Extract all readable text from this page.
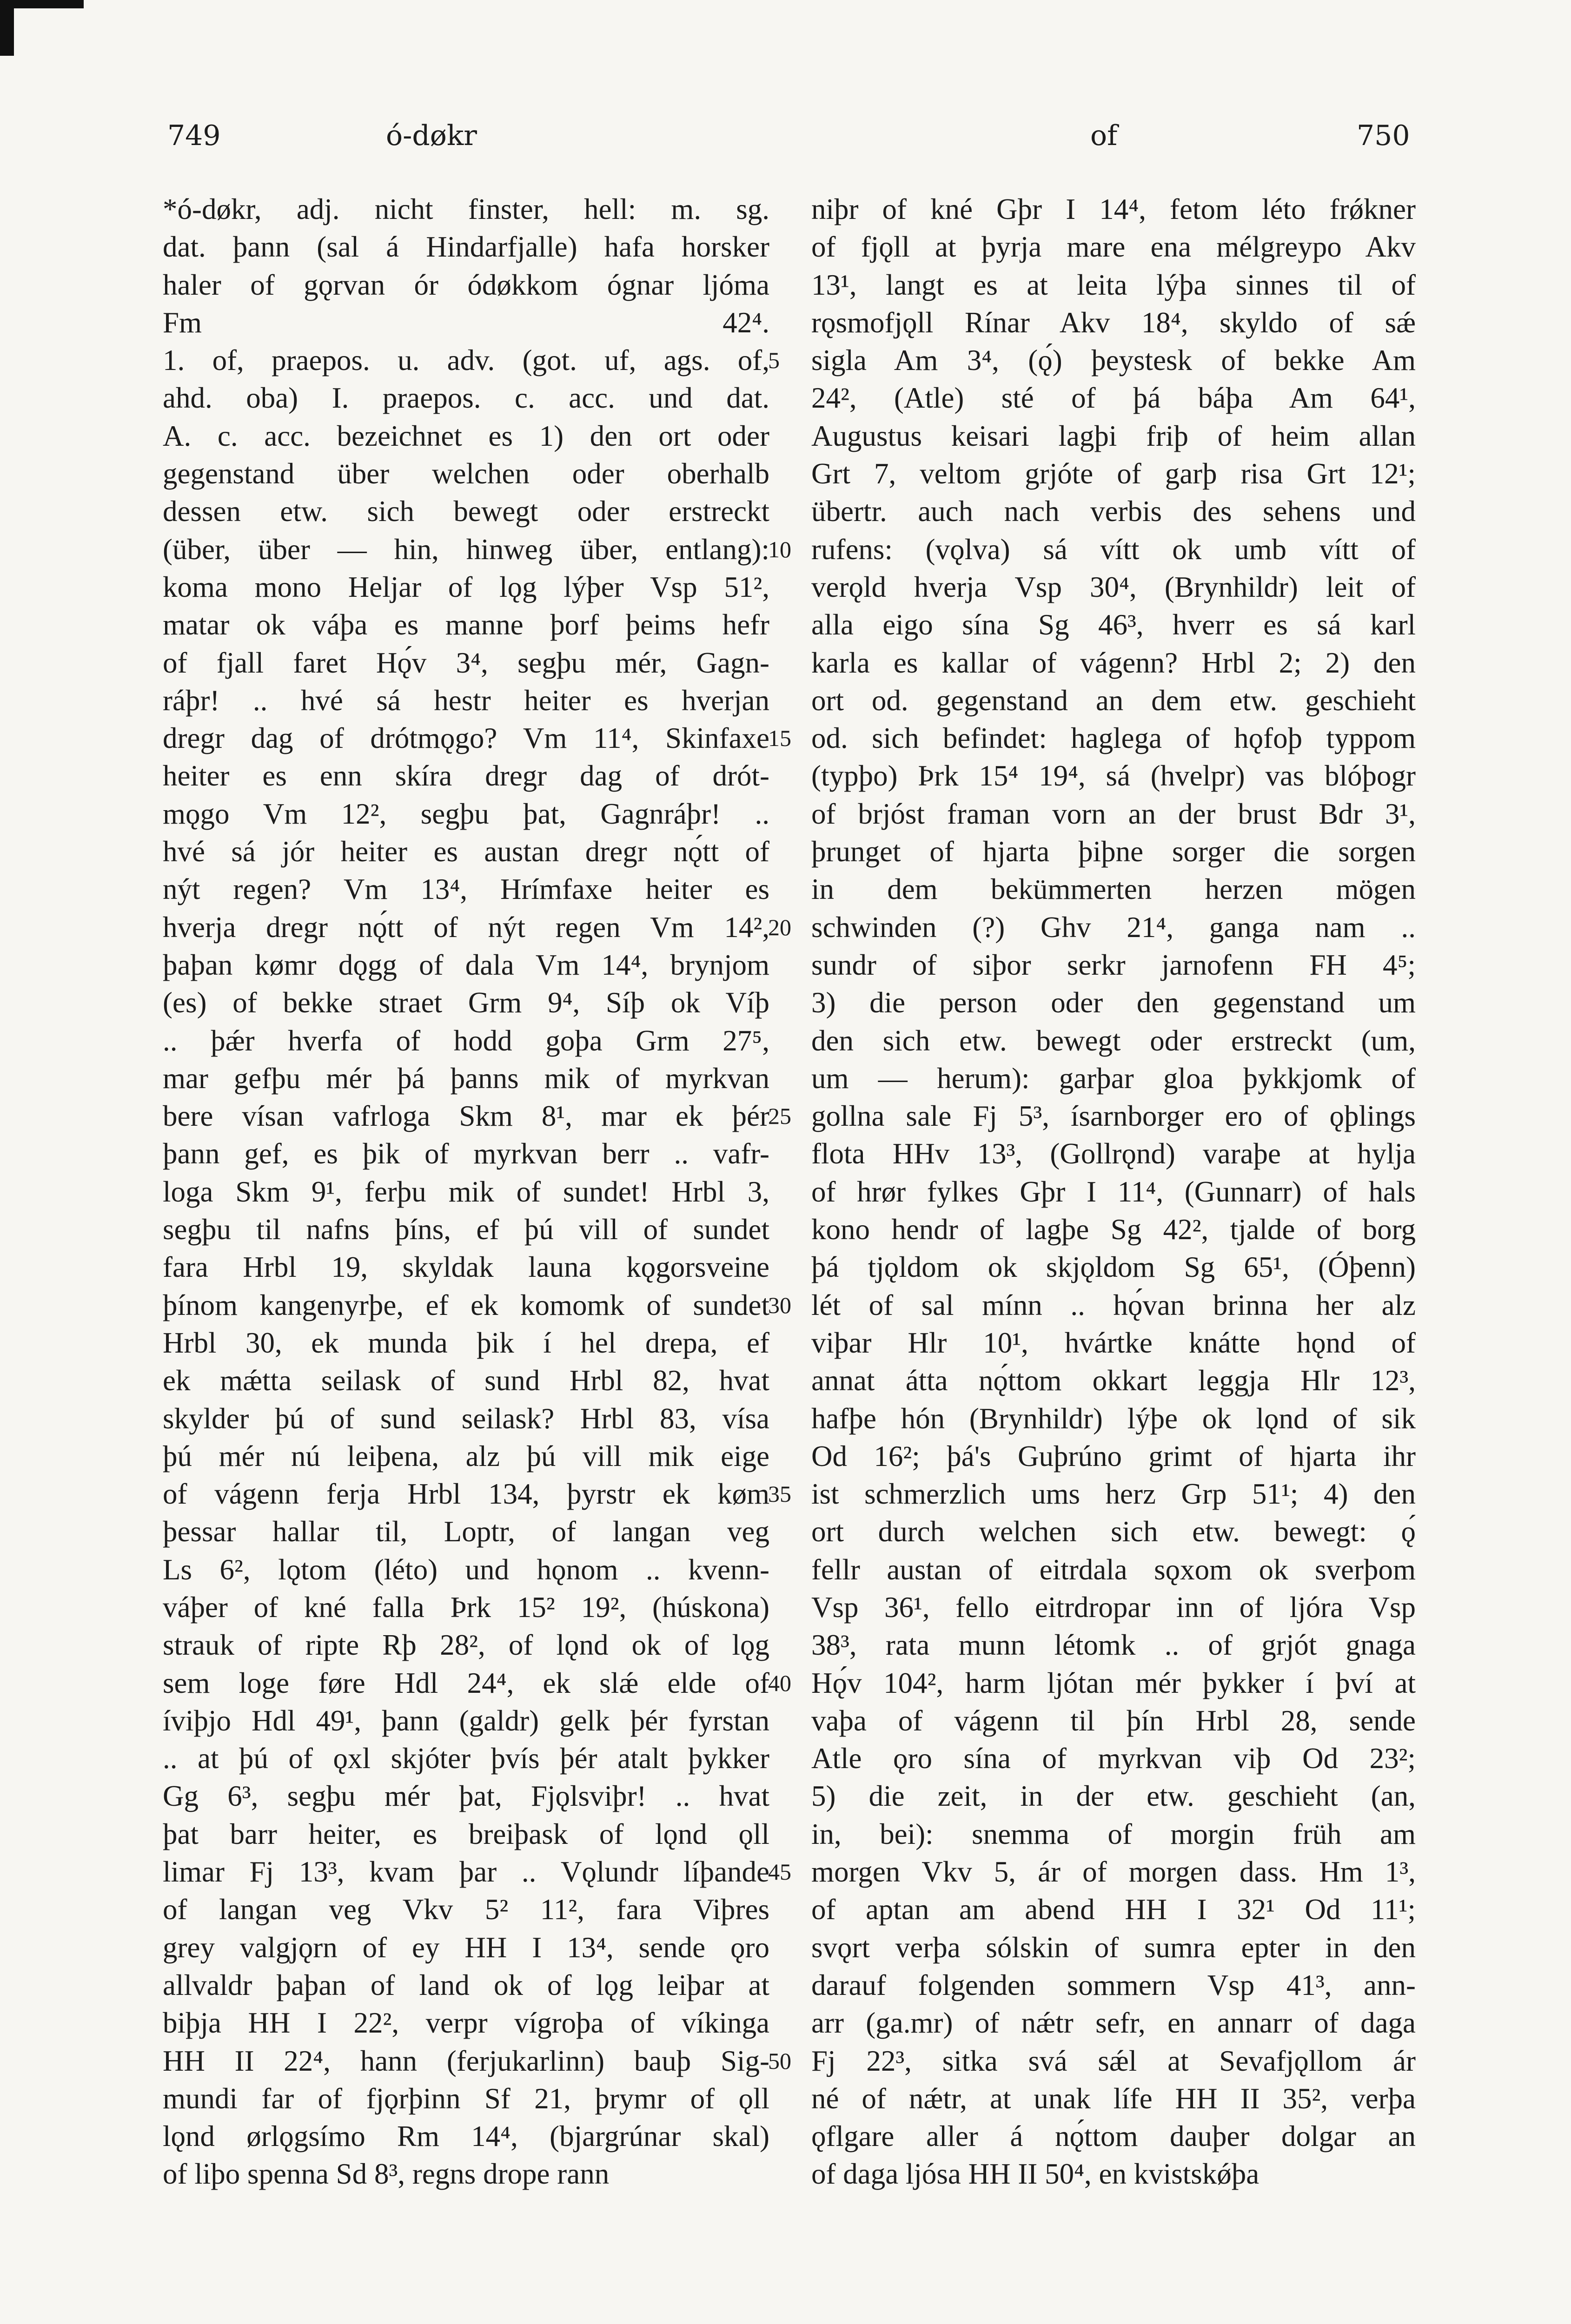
749	ó-døkr	of	750
*ó-døkr, adj. nicht finster, hell: m. sg.
dat. þann (sal á Hindarfjalle) hafa horsker
haler of gǫrvan ór ódøkkom ógnar ljóma
Fm 42⁴.
1. of, praepos. u. adv. (got. uf, ags. of,
ahd. oba) I. praepos. c. acc. und dat.
A. c. acc. bezeichnet es 1) den ort oder
gegenstand über welchen oder oberhalb
dessen etw. sich bewegt oder erstreckt
(über, über — hin, hinweg über, entlang):
koma mono Heljar of lǫg lýþer Vsp 51²,
matar ok váþa es manne þorf þeims hefr
of fjall faret Hǫ́v 3⁴, segþu mér, Gagn-
ráþr! .. hvé sá hestr heiter es hverjan
dregr dag of drótmǫgo? Vm 11⁴, Skinfaxe
heiter es enn skíra dregr dag of drót-
mǫgo Vm 12², segþu þat, Gagnráþr! ..
hvé sá jór heiter es austan dregr nǫ́tt of
nýt regen? Vm 13⁴, Hrímfaxe heiter es
hverja dregr nǫ́tt of nýt regen Vm 14²,
þaþan kømr dǫgg of dala Vm 14⁴, brynjom
(es) of bekke straet Grm 9⁴, Síþ ok Víþ
.. þǽr hverfa of hodd goþa Grm 27⁵,
mar gefþu mér þá þanns mik of myrkvan
bere vísan vafrloga Skm 8¹, mar ek þér
þann gef, es þik of myrkvan berr .. vafr-
loga Skm 9¹, ferþu mik of sundet! Hrbl 3,
segþu til nafns þíns, ef þú vill of sundet
fara Hrbl 19, skyldak launa kǫgorsveine
þínom kangenyrþe, ef ek komomk of sundet
Hrbl 30, ek munda þik í hel drepa, ef
ek mǽtta seilask of sund Hrbl 82, hvat
skylder þú of sund seilask? Hrbl 83, vísa
þú mér nú leiþena, alz þú vill mik eige
of vágenn ferja Hrbl 134, þyrstr ek køm
þessar hallar til, Loptr, of langan veg
Ls 6², lǫtom (léto) und hǫnom .. kvenn-
váþer of kné falla Þrk 15² 19², (húskona)
strauk of ripte Rþ 28², of lǫnd ok of lǫg
sem loge føre Hdl 24⁴, ek slǽ elde of
íviþjo Hdl 49¹, þann (galdr) gelk þér fyrstan
.. at þú of ǫxl skjóter þvís þér atalt þykker
Gg 6³, segþu mér þat, Fjǫlsviþr! .. hvat
þat barr heiter, es breiþask of lǫnd ǫll
limar Fj 13³, kvam þar .. Vǫlundr líþande
of langan veg Vkv 5² 11², fara Viþres
grey valgjǫrn of ey HH I 13⁴, sende ǫro
allvaldr þaþan of land ok of lǫg leiþar at
biþja HH I 22², verpr vígroþa of víkinga
HH II 22⁴, hann (ferjukarlinn) bauþ Sig-
mundi far of fjǫrþinn Sf 21, þrymr of ǫll
lǫnd ørlǫgsímo Rm 14⁴, (bjargrúnar skal)
of liþo spenna Sd 8³, regns drope rann
5
10
15
20
25
30
35
40
45
50
niþr of kné Gþr I 14⁴, fetom léto frǿkner
of fjǫll at þyrja mare ena mélgreypo Akv
13¹, langt es at leita lýþa sinnes til of
rǫsmofjǫll Rínar Akv 18⁴, skyldo of sǽ
sigla Am 3⁴, (ǫ́) þeystesk of bekke Am
24², (Atle) sté of þá báþa Am 64¹,
Augustus keisari lagþi friþ of heim allan
Grt 7, veltom grjóte of garþ risa Grt 12¹;
übertr. auch nach verbis des sehens und
rufens: (vǫlva) sá vítt ok umb vítt of
verǫld hverja Vsp 30⁴, (Brynhildr) leit of
alla eigo sína Sg 46³, hverr es sá karl
karla es kallar of vágenn? Hrbl 2; 2) den
ort od. gegenstand an dem etw. geschieht
od. sich befindet: haglega of hǫfoþ typpom
(typþo) Þrk 15⁴ 19⁴, sá (hvelpr) vas blóþogr
of brjóst framan vorn an der brust Bdr 3¹,
þrunget of hjarta þiþne sorger die sorgen
in dem bekümmerten herzen mögen
schwinden (?) Ghv 21⁴, ganga nam ..
sundr of siþor serkr jarnofenn FH 4⁵;
3) die person oder den gegenstand um
den sich etw. bewegt oder erstreckt (um,
um — herum): garþar gloa þykkjomk of
gollna sale Fj 5³, ísarnborger ero of ǫþlings
flota HHv 13³, (Gollrǫnd) varaþe at hylja
of hrør fylkes Gþr I 11⁴, (Gunnarr) of hals
kono hendr of lagþe Sg 42², tjalde of borg
þá tjǫldom ok skjǫldom Sg 65¹, (Óþenn)
lét of sal mínn .. hǫ́van brinna her alz
viþar Hlr 10¹, hvártke knátte hǫnd of
annat átta nǫ́ttom okkart leggja Hlr 12³,
hafþe hón (Brynhildr) lýþe ok lǫnd of sik
Od 16²; þá's Guþrúno grimt of hjarta ihr
ist schmerzlich ums herz Grp 51¹; 4) den
ort durch welchen sich etw. bewegt: ǫ́
fellr austan of eitrdala sǫxom ok sverþom
Vsp 36¹, fello eitrdropar inn of ljóra Vsp
38³, rata munn létomk .. of grjót gnaga
Hǫ́v 104², harm ljótan mér þykker í því at
vaþa of vágenn til þín Hrbl 28, sende
Atle ǫro sína of myrkvan viþ Od 23²;
5) die zeit, in der etw. geschieht (an,
in, bei): snemma of morgin früh am
morgen Vkv 5, ár of morgen dass. Hm 1³,
of aptan am abend HH I 32¹ Od 11¹;
svǫrt verþa sólskin of sumra epter in den
darauf folgenden sommern Vsp 41³, ann-
arr (ga.mr) of nǽtr sefr, en annarr of daga
Fj 22³, sitka svá sǽl at Sevafjǫllom ár
né of nǽtr, at unak lífe HH II 35², verþa
ǫflgare aller á nǫ́ttom dauþer dolgar an
of daga ljósa HH II 50⁴, en kvistskǿþa
